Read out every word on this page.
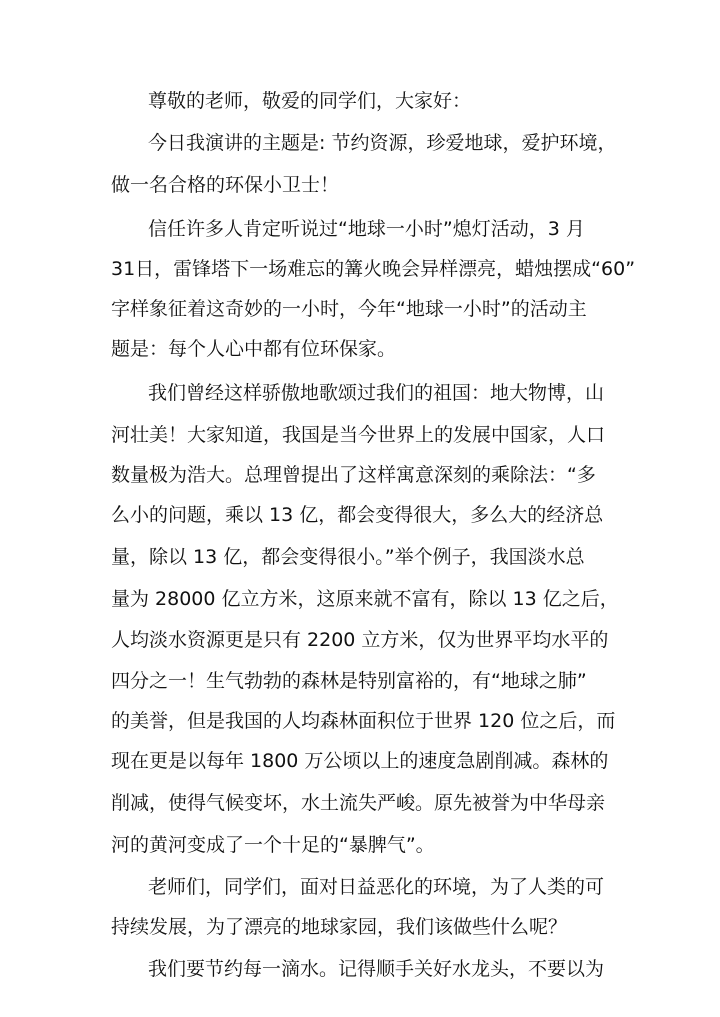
尊敬的老师，敬爱的同学们，大家好：
今日我演讲的主题是: 节约资源，珍爱地球，爱护环境，
做一名合格的环保小卫士！
信任许多人肯定听说过“地球一小时”熄灯活动，3 月
31日，雷锋塔下一场难忘的篝火晚会异样漂亮，蜡烛摆成“60”
字样象征着这奇妙的一小时，今年“地球一小时”的活动主
题是：每个人心中都有位环保家。
我们曾经这样骄傲地歌颂过我们的祖国：地大物博，山
河壮美！大家知道，我国是当今世界上的发展中国家，人口
数量极为浩大。总理曾提出了这样寓意深刻的乘除法：“多
么小的问题，乘以 13 亿，都会变得很大，多么大的经济总
量，除以 13 亿，都会变得很小。”举个例子，我国淡水总
量为 28000 亿立方米，这原来就不富有，除以 13 亿之后，
人均淡水资源更是只有 2200 立方米，仅为世界平均水平的
四分之一！生气勃勃的森林是特别富裕的，有“地球之肺”
的美誉，但是我国的人均森林面积位于世界 120 位之后，而
现在更是以每年 1800 万公顷以上的速度急剧削减。森林的
削减，使得气候变坏，水土流失严峻。原先被誉为中华母亲
河的黄河变成了一个十足的“暴脾气”。
老师们，同学们，面对日益恶化的环境，为了人类的可
持续发展，为了漂亮的地球家园，我们该做些什么呢？
我们要节约每一滴水。记得顺手关好水龙头，不要以为
